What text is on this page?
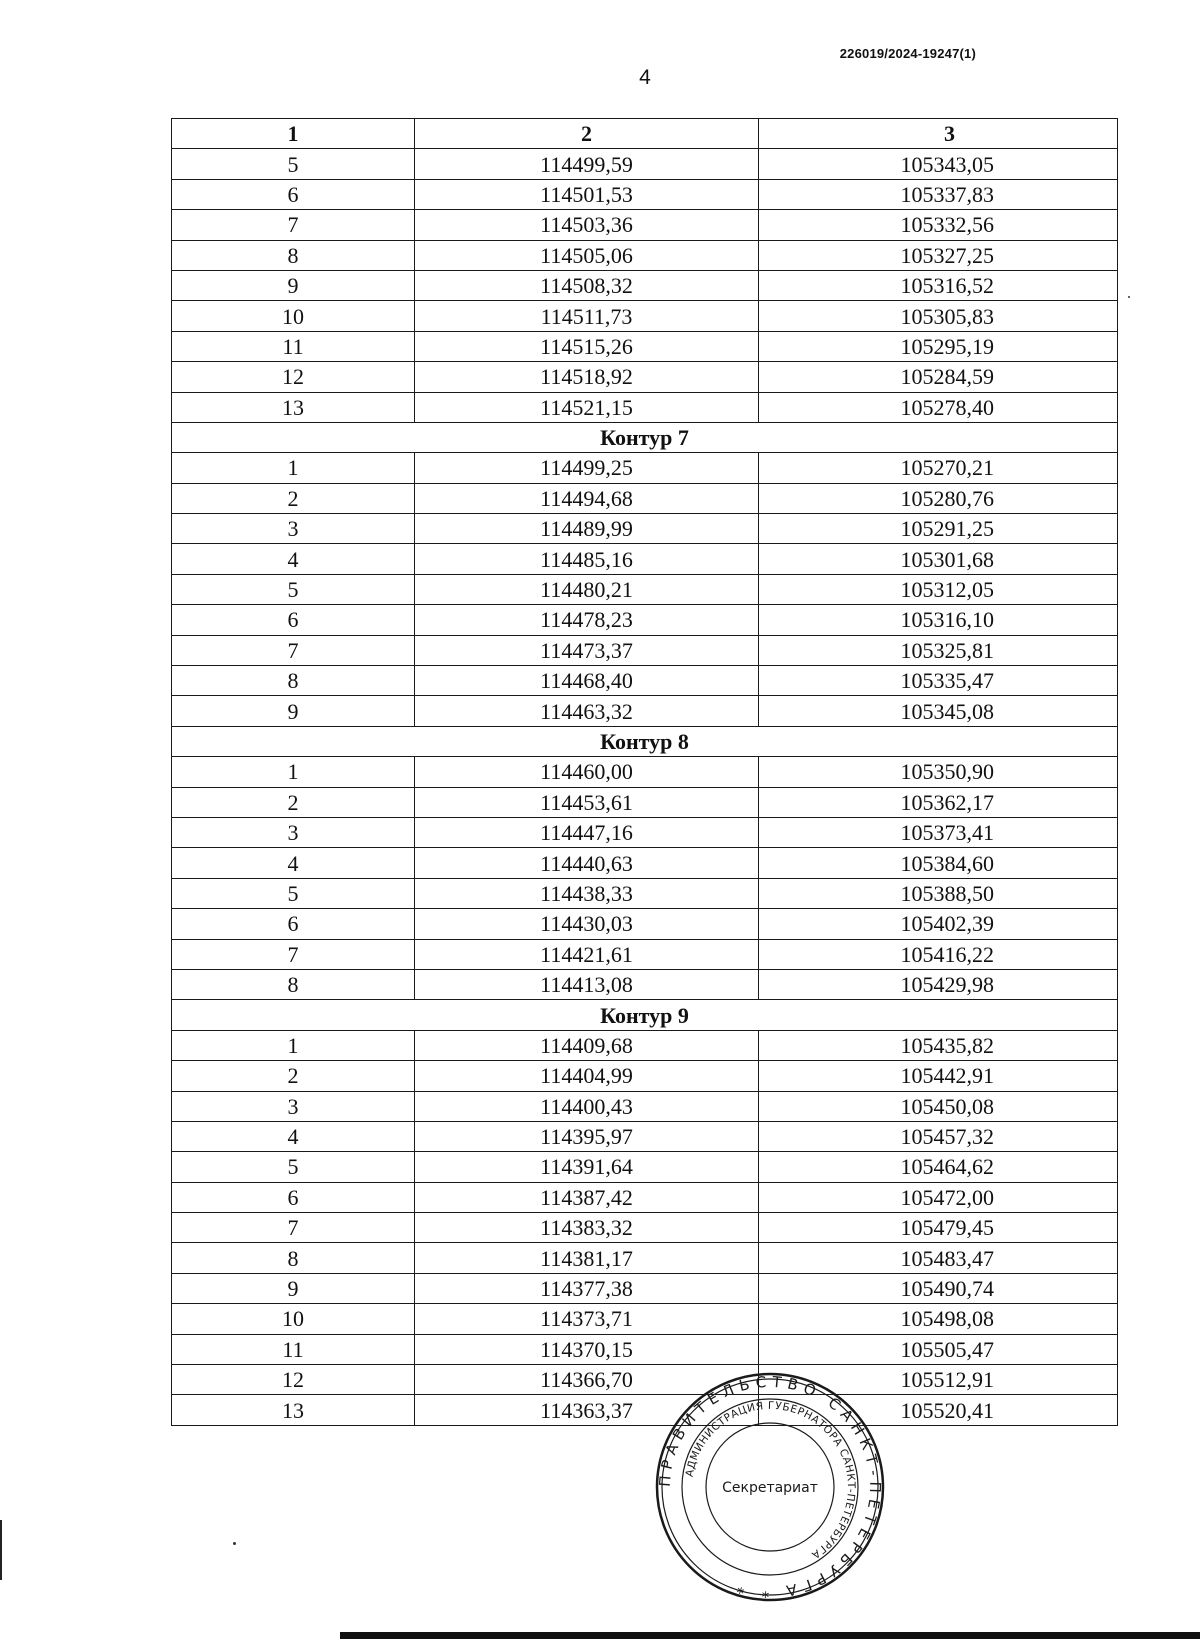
226019/2024-19247(1)
4
1	2	3
5	114499,59	105343,05
6	114501,53	105337,83
7	114503,36	105332,56
8	114505,06	105327,25
9	114508,32	105316,52
10	114511,73	105305,83
11	114515,26	105295,19
12	114518,92	105284,59
13	114521,15	105278,40
Контур 7		
1	114499,25	105270,21
2	114494,68	105280,76
3	114489,99	105291,25
4	114485,16	105301,68
5	114480,21	105312,05
6	114478,23	105316,10
7	114473,37	105325,81
8	114468,40	105335,47
9	114463,32	105345,08
Контур 8		
1	114460,00	105350,90
2	114453,61	105362,17
3	114447,16	105373,41
4	114440,63	105384,60
5	114438,33	105388,50
6	114430,03	105402,39
7	114421,61	105416,22
8	114413,08	105429,98
Контур 9		
1	114409,68	105435,82
2	114404,99	105442,91
3	114400,43	105450,08
4	114395,97	105457,32
5	114391,64	105464,62
6	114387,42	105472,00
7	114383,32	105479,45
8	114381,17	105483,47
9	114377,38	105490,74
10	114373,71	105498,08
11	114370,15	105505,47
12	114366,70	105512,91
13	114363,37	105520,41
ПРАВИТЕЛЬСТВО САНКТ-ПЕТЕРБУРГА * *
АДМИНИСТРАЦИЯ ГУБЕРНАТОРА САНКТ-ПЕТЕРБУРГА
Секретариат
